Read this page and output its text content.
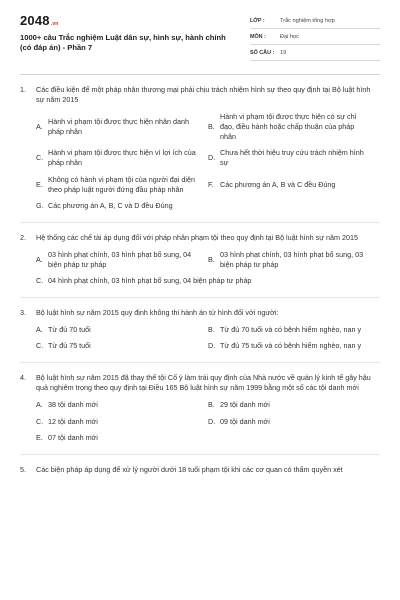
2048.vn
1000+ câu Trắc nghiệm Luật dân sự, hình sự, hành chính (có đáp án) - Phần 7
LỚP :	Trắc nghiệm tổng hợp
MÔN :	Đại học
SỐ CÂU :	19
1.	Các điều kiện để một pháp nhân thương mại phải chịu trách nhiệm hình sự theo quy định tại Bộ luật hình sự năm 2015
A.
Hành vi phạm tội được thực hiện nhân danh pháp nhân
B.
Hành vi phạm tội được thực hiện có sự chỉ đạo, điều hành hoặc chấp thuận của pháp nhân
C.
Hành vi phạm tội được thực hiện vì lợi ích của pháp nhân
D.
Chưa hết thời hiệu truy cứu trách nhiệm hình sự
E.
Không có hành vi phạm tội của người đại diện theo pháp luật người đứng đầu pháp nhân
F. Các phương án A, B và C đều Đúng
G. Các phương án A, B, C và D đều Đúng
2.	Hệ thống các chế tài áp dụng đối với pháp nhân phạm tội theo quy định tại Bộ luật hình sự năm 2015
A.
03 hình phạt chính, 03 hình phạt bổ sung, 04 biện pháp tư pháp
B.
03 hình phạt chính, 03 hình phạt bổ sung, 03 biện pháp tư pháp
C. 04 hình phạt chính, 03 hình phạt bổ sung, 04 biện pháp tư pháp
3.	Bộ luật hình sự năm 2015 quy định không thi hành án tử hình đối với người:
A. Từ đủ 70 tuổi	B. Từ đủ 70 tuổi và có bệnh hiểm nghèo, nan y
C. Từ đủ 75 tuổi	D. Từ đủ 75 tuổi và có bệnh hiểm nghèo, nan y
4.	Bộ luật hình sự năm 2015 đã thay thế tội Cố ý làm trái quy định của Nhà nước về quản lý kinh tế gây hậu quả nghiêm trọng theo quy định tại Điều 165 Bộ luật hình sự năm 1999 bằng một số các tội danh mới
A. 38 tội danh mới	B. 29 tội danh mới
C. 12 tội danh mới	D. 09 tội danh mới
E. 07 tội danh mới
5.	Các biện pháp áp dụng để xử lý người dưới 18 tuổi phạm tội khi các cơ quan có thẩm quyền xét
